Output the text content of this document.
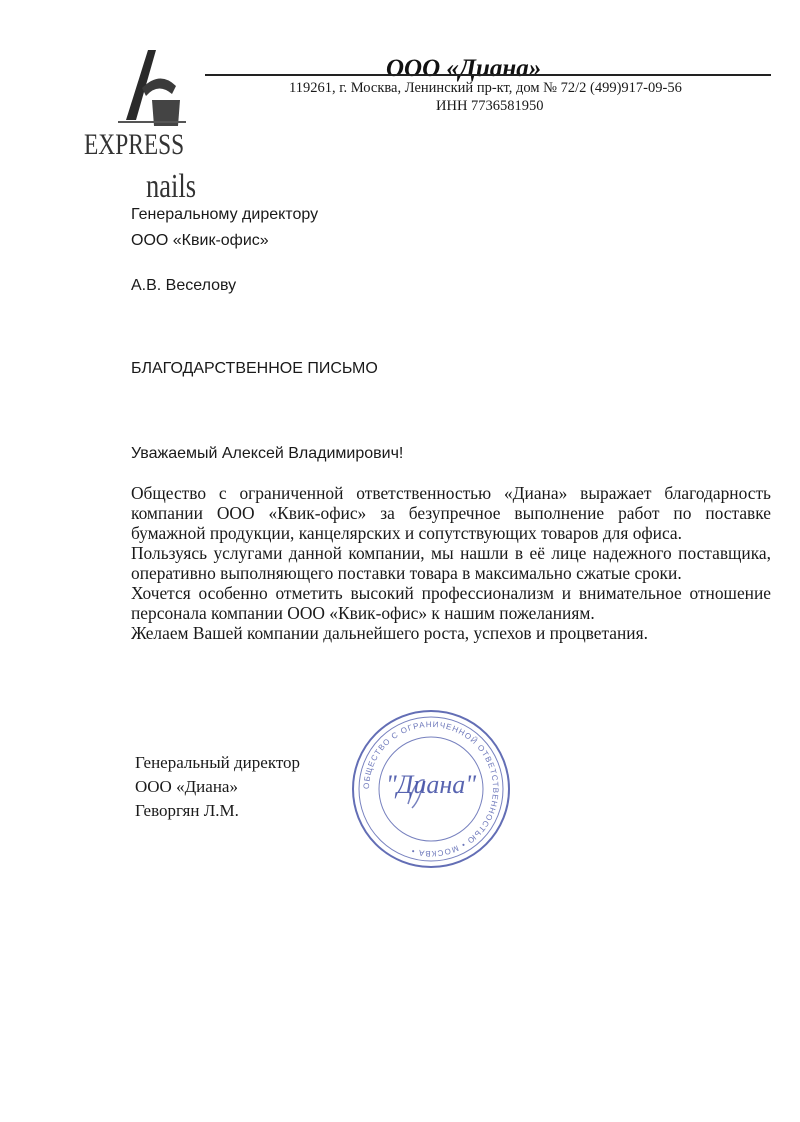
EXPRESS
nails
ООО «Диана»
119261, г. Москва, Ленинский пр-кт, дом № 72/2 (499)917-09-56
ИНН 7736581950
Генеральному директору
ООО «Квик-офис»
А.В. Веселову
БЛАГОДАРСТВЕННОЕ ПИСЬМО
Уважаемый Алексей Владимирович!

Общество с ограниченной ответственностью «Диана» выражает благодарность компании ООО «Квик-офис» за безупречное выполнение работ по поставке бумажной продукции, канцелярских и сопутствующих товаров для офиса.

Пользуясь услугами данной компании, мы нашли в её лице надежного поставщика, оперативно выполняющего поставки товара в максимально сжатые сроки.

Хочется особенно отметить высокий профессионализм и внимательное отношение персонала компании ООО «Квик-офис» к нашим пожеланиям.

Желаем Вашей компании дальнейшего роста, успехов и процветания.

Генеральный директор
ООО «Диана»
Геворгян Л.М.
ОБЩЕСТВО С ОГРАНИЧЕННОЙ ОТВЕТСТВЕННОСТЬЮ • МОСКВА •
"Диана"
